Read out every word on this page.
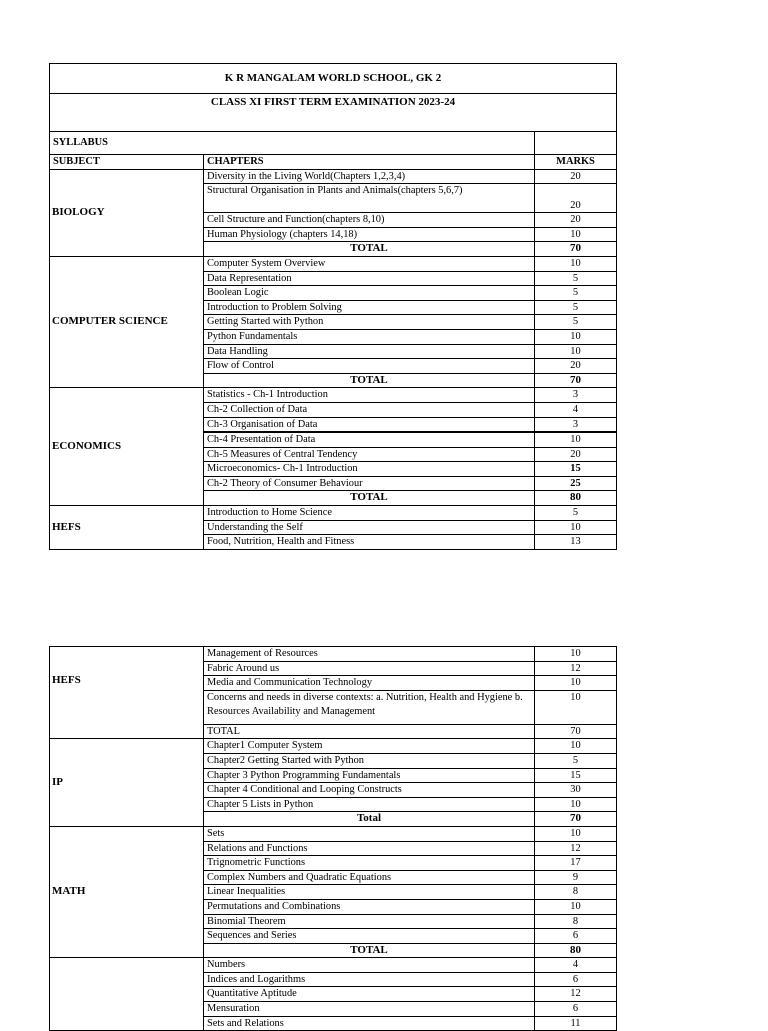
K R MANGALAM WORLD SCHOOL, GK 2		
CLASS XI FIRST TERM EXAMINATION 2023-24		
SYLLABUS		
SUBJECT	CHAPTERS	MARKS
BIOLOGY	Diversity in the Living World(Chapters 1,2,3,4)	20
	Structural Organisation in Plants and Animals(chapters 5,6,7)	20
	Cell Structure and Function(chapters 8,10)	20
	Human Physiology (chapters 14,18)	10
	TOTAL	70
COMPUTER SCIENCE	Computer System Overview	10
	Data Representation	5
	Boolean Logic	5
	Introduction to Problem Solving	5
	Getting Started with Python	5
	Python Fundamentals	10
	Data Handling	10
	Flow of Control	20
	TOTAL	70
ECONOMICS	Statistics - Ch-1 Introduction	3
	Ch-2 Collection of Data	4
	Ch-3 Organisation of Data	3
	Ch-4 Presentation of Data	10
	Ch-5 Measures of Central Tendency	20
	Microeconomics- Ch-1 Introduction	15
	Ch-2 Theory of Consumer Behaviour	25
	TOTAL	80
HEFS	Introduction to Home Science	5
	Understanding the Self	10
	Food, Nutrition, Health and Fitness	13
HEFS	Management of Resources	10
	Fabric Around us	12
	Media and Communication Technology	10
	Concerns and needs in diverse contexts: a. Nutrition, Health and Hygiene b. Resources Availability and Management	10
	TOTAL	70
IP	Chapter1 Computer System	10
	Chapter2 Getting Started with Python	5
	Chapter 3 Python Programming Fundamentals	15
	Chapter 4 Conditional and Looping Constructs	30
	Chapter 5 Lists in Python	10
	Total	70
MATH	Sets	10
	Relations and Functions	12
	Trignometric Functions	17
	Complex Numbers and Quadratic Equations	9
	Linear Inequalities	8
	Permutations and Combinations	10
	Binomial Theorem	8
	Sequences and Series	6
	TOTAL	80
	Numbers	4
	Indices and Logarithms	6
	Quantitative Aptitude	12
	Mensuration	6
	Sets and Relations	11
